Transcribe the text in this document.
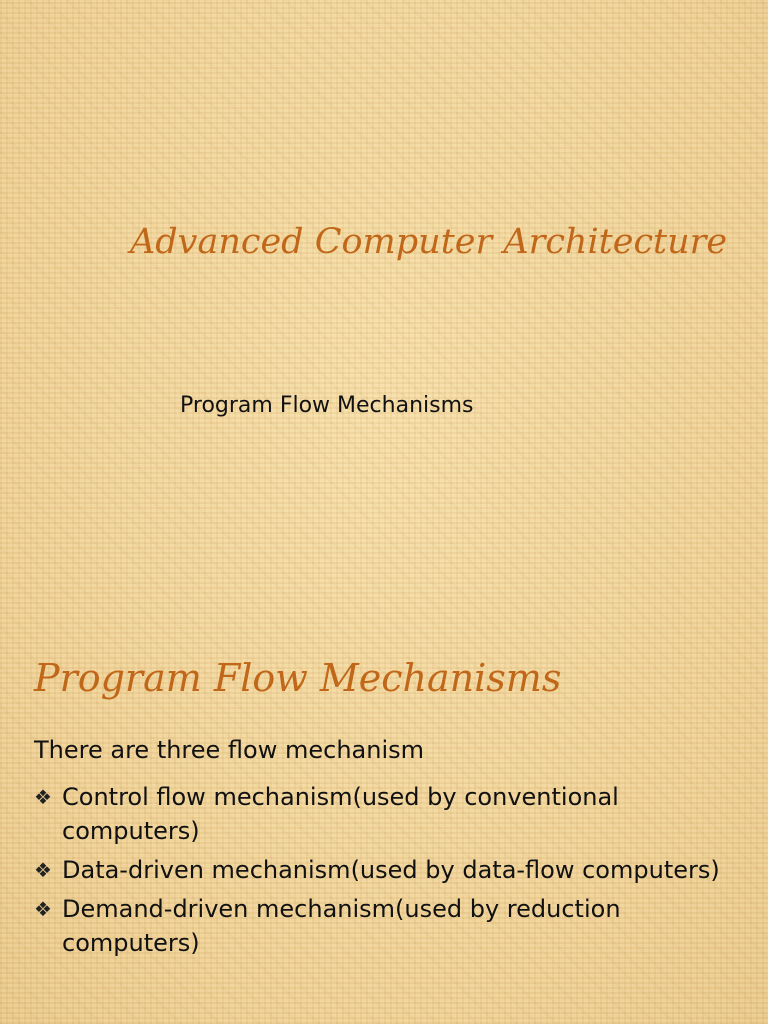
Advanced Computer Architecture

Program Flow Mechanisms

Program Flow Mechanisms

There are three flow mechanism

❖ Control flow mechanism(used by conventional computers)
❖ Data-driven mechanism(used by data-flow computers)
❖ Demand-driven mechanism(used by reduction computers)
